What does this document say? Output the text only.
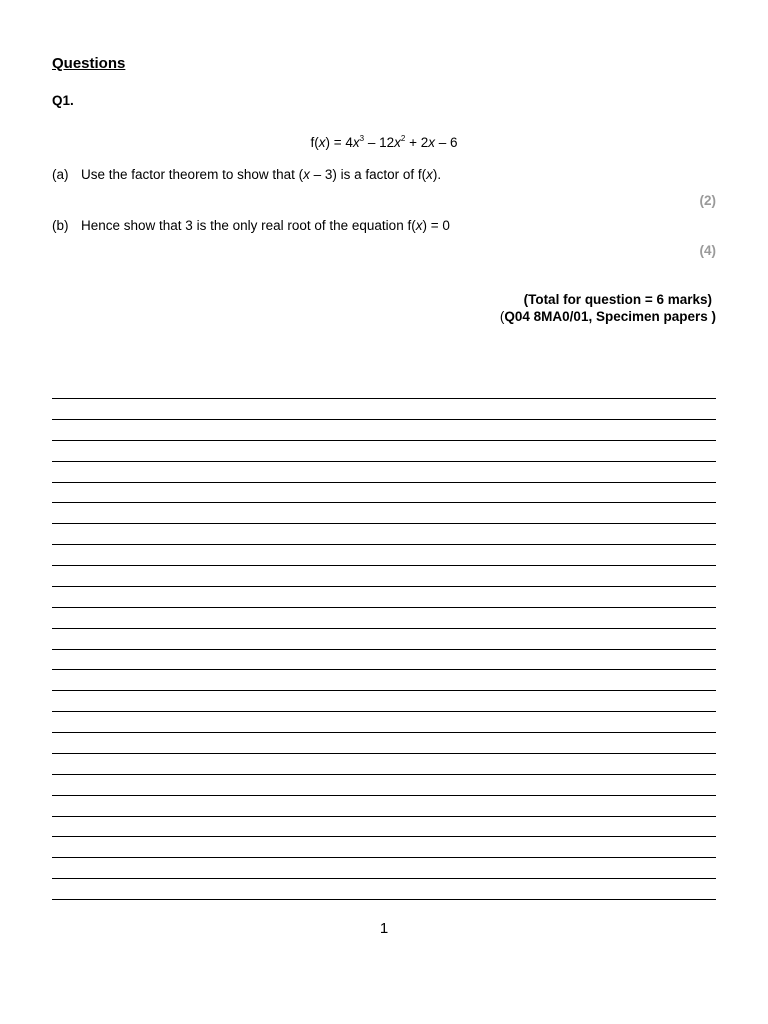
Questions
Q1.
$f(x) = 4x^3 - 12x^2 + 2x - 6$
(a) Use the factor theorem to show that (x – 3) is a factor of f(x).
(2)
(b) Hence show that 3 is the only real root of the equation f(x) = 0
(4)
(Total for question = 6 marks)
(Q04 8MA0/01, Specimen papers )
1
